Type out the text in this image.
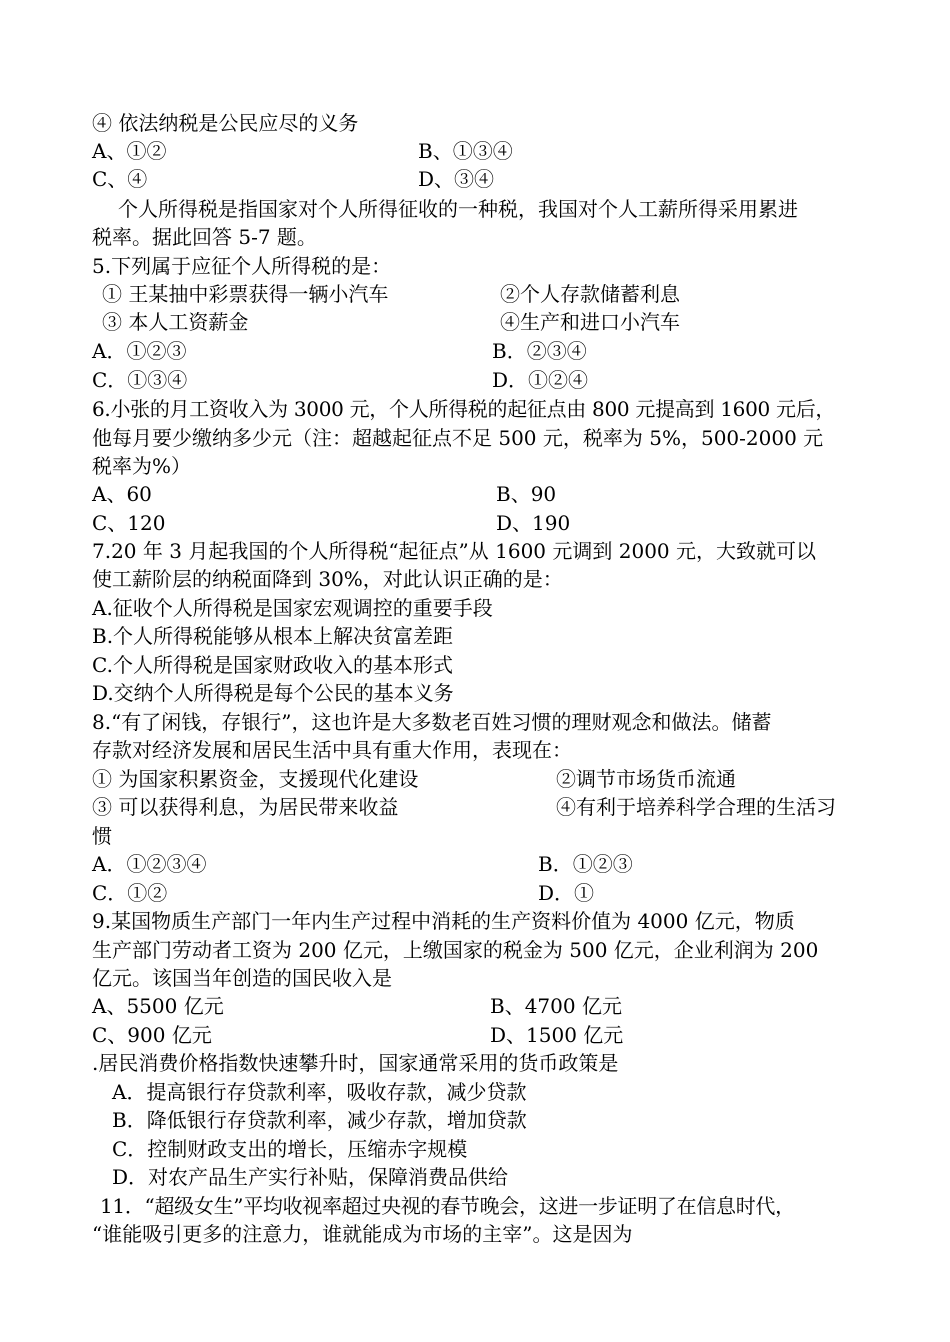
④ 依法纳税是公民应尽的义务
A、①②	B、①③④
C、④	D、③④
个人所得税是指国家对个人所得征收的一种税，我国对个人工薪所得采用累进
税率。据此回答 5-7 题。
5.下列属于应征个人所得税的是：
① 王某抽中彩票获得一辆小汽车	②个人存款储蓄利息
③ 本人工资薪金	④生产和进口小汽车
A．①②③	B．②③④
C．①③④	D．①②④
6.小张的月工资收入为 3000 元，个人所得税的起征点由 800 元提高到 1600 元后，
他每月要少缴纳多少元（注：超越起征点不足 500 元，税率为 5%，500-2000 元
税率为%）
A、60	B、90
C、120	D、190
7.20 年 3 月起我国的个人所得税“起征点”从 1600 元调到 2000 元，大致就可以
使工薪阶层的纳税面降到 30%，对此认识正确的是：
A.征收个人所得税是国家宏观调控的重要手段
B.个人所得税能够从根本上解决贫富差距
C.个人所得税是国家财政收入的基本形式
D.交纳个人所得税是每个公民的基本义务
8.“有了闲钱，存银行”，这也许是大多数老百姓习惯的理财观念和做法。储蓄
存款对经济发展和居民生活中具有重大作用，表现在：
① 为国家积累资金，支援现代化建设	②调节市场货币流通
③ 可以获得利息，为居民带来收益	④有利于培养科学合理的生活习
惯
A．①②③④	B．①②③
C．①②	D．①
9.某国物质生产部门一年内生产过程中消耗的生产资料价值为 4000 亿元，物质
生产部门劳动者工资为 200 亿元，上缴国家的税金为 500 亿元，企业利润为 200
亿元。该国当年创造的国民收入是
A、5500 亿元	B、4700 亿元
C、900 亿元	D、1500 亿元
.居民消费价格指数快速攀升时，国家通常采用的货币政策是
A．提高银行存贷款利率，吸收存款，减少贷款
B．降低银行存贷款利率，减少存款，增加贷款
C．控制财政支出的增长，压缩赤字规模
D．对农产品生产实行补贴，保障消费品供给
11．“超级女生”平均收视率超过央视的春节晚会，这进一步证明了在信息时代，
“谁能吸引更多的注意力，谁就能成为市场的主宰”。这是因为
